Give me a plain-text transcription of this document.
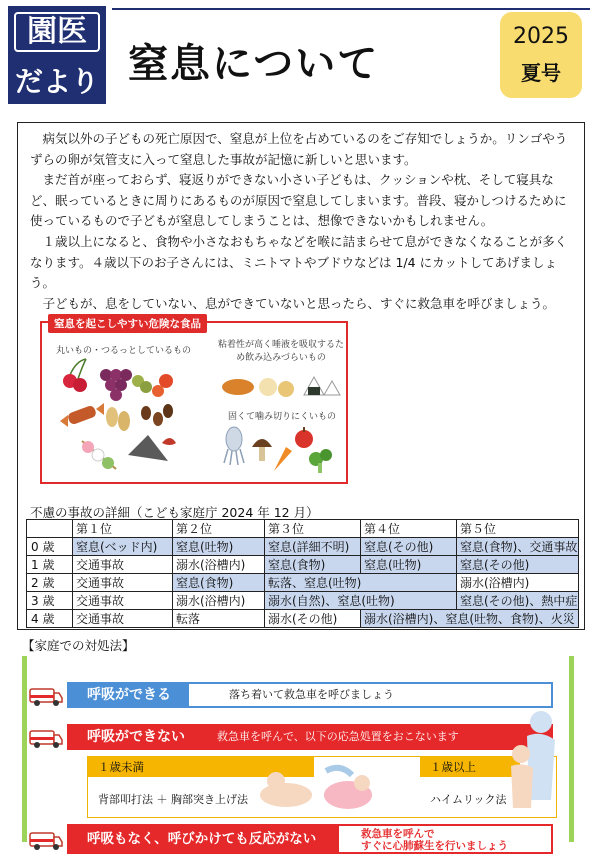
園医
だより 窒息について
2025
夏号

病気以外の子どもの死亡原因で、窒息が上位を占めているのをご存知でしょうか。リンゴやうずらの卵が気管支に入って窒息した事故が記憶に新しいと思います。

まだ首が座っておらず、寝返りができない小さい子どもは、クッションや枕、そして寝具など、眠っているときに周りにあるものが原因で窒息してしまいます。普段、寝かしつけるために使っているもので子どもが窒息してしまうことは、想像できないかもしれません。

１歳以上になると、食物や小さなおもちゃなどを喉に詰まらせて息ができなくなることが多くなります。４歳以下のお子さんには、ミニトマトやブドウなどは 1/4 にカットしてあげましょう。

子どもが、息をしていない、息ができていないと思ったら、すぐに救急車を呼びましょう。

窒息を起こしやすい危険な食品
丸いもの・つるっとしているもの
粘着性が高く唾液を吸収するため飲み込みづらいもの
固くて噛み切りにくいもの
不慮の事故の詳細（こども家庭庁 2024 年 12 月）
	第１位	第２位	第３位	第４位	第５位
0 歳	窒息(ベッド内)	窒息(吐物)	窒息(詳細不明)	窒息(その他)	窒息(食物)、交通事故
1 歳	交通事故	溺水(浴槽内)	窒息(食物)	窒息(吐物)	窒息(その他)
2 歳	交通事故	窒息(食物)	転落、窒息(吐物)		溺水(浴槽内)
3 歳	交通事故	溺水(浴槽内)	溺水(自然)、窒息(吐物)		窒息(その他)、熱中症
4 歳	交通事故	転落	溺水(その他)	溺水(浴槽内)、窒息(吐物、食物)、火災	
【家庭での対処法】
呼吸ができる	落ち着いて救急車を呼びましょう
呼吸ができない	救急車を呼んで、以下の応急処置をおこないます
１歳未満
背部叩打法 ＋ 胸部突き上げ法
１歳以上
ハイムリック法
呼吸もなく、呼びかけても反応がない	救急車を呼んで
すぐに心肺蘇生を行いましょう
